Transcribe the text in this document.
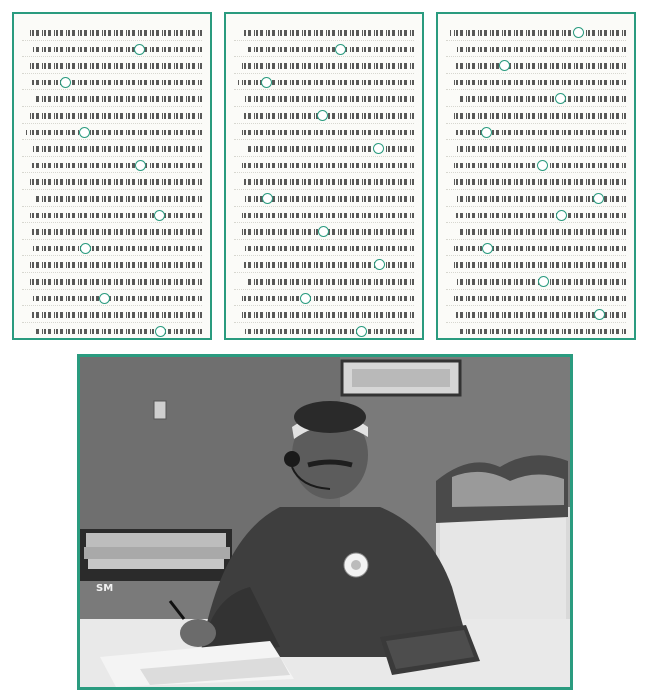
SM
